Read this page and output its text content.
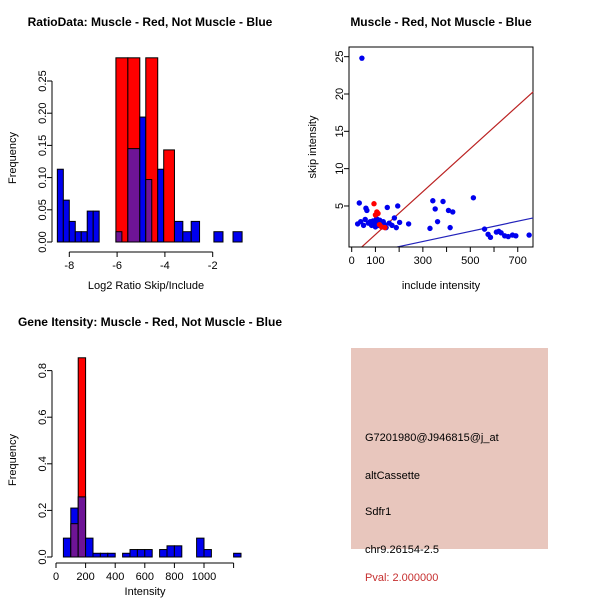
RatioData: Muscle - Red, Not Muscle - Blue
-8	-6	-4	-2
0.00
0.05
0.10
0.15
0.20
0.25
Log2 Ratio Skip/Include
Frequency
Muscle - Red, Not Muscle - Blue
0 100	300	500	700
5
10
15
20
25
include intensity
skip intensity
Gene Itensity: Muscle - Red, Not Muscle - Blue
0 200 400 600 800 1000
0.0
0.2
0.4
0.6
0.8
Intensity
Frequency	G7201980@J946815@j_at
altCassette
Sdfr1
chr9.26154-2.5
Pval: 2.000000
